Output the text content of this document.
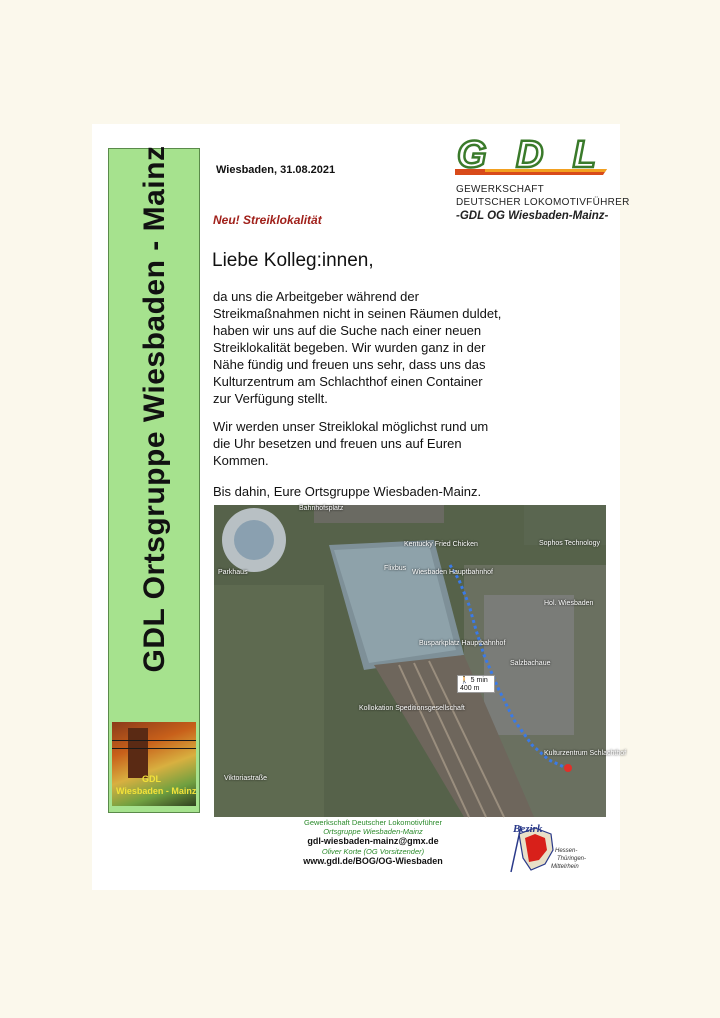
GDL Ortsgruppe Wiesbaden - Mainz
GDL
Wiesbaden - Mainz
Wiesbaden, 31.08.2021	GDL
GEWERKSCHAFT
DEUTSCHER LOKOMOTIVFÜHRER
-GDL OG Wiesbaden-Mainz-
Neu! Streiklokalität
Liebe Kolleg:innen,

da uns die Arbeitgeber während der Streikmaßnahmen nicht in seinen Räumen duldet, haben wir uns auf die Suche nach einer neuen Streiklokalität begeben. Wir wurden ganz in der Nähe fündig und freuen uns sehr, dass uns das Kulturzentrum am Schlachthof einen Container zur Verfügung stellt.

Wir werden unser Streiklokal möglichst rund um die Uhr besetzen und freuen uns auf Euren Kommen.

Bis dahin, Eure Ortsgruppe Wiesbaden-Mainz.

Bahnhofsplatz
Wiesbaden Hauptbahnhof
Flixbus
Parkhaus
Salzbachaue
Kulturzentrum Schlachthof
Sophos Technology
Kentucky Fried Chicken
Busparkplatz Hauptbahnhof
Hol. Wiesbaden
Kollokation Speditionsgesellschaft
Viktoriastraße
🚶 5 min
400 m
Gewerkschaft Deutscher Lokomotivführer
Ortsgruppe Wiesbaden-Mainz
gdl-wiesbaden-mainz@gmx.de
Oliver Korte (OG Vorsitzender)
www.gdl.de/BOG/OG-Wiesbaden
Bezirk
Hessen-
Thüringen-
Mittelrhein
